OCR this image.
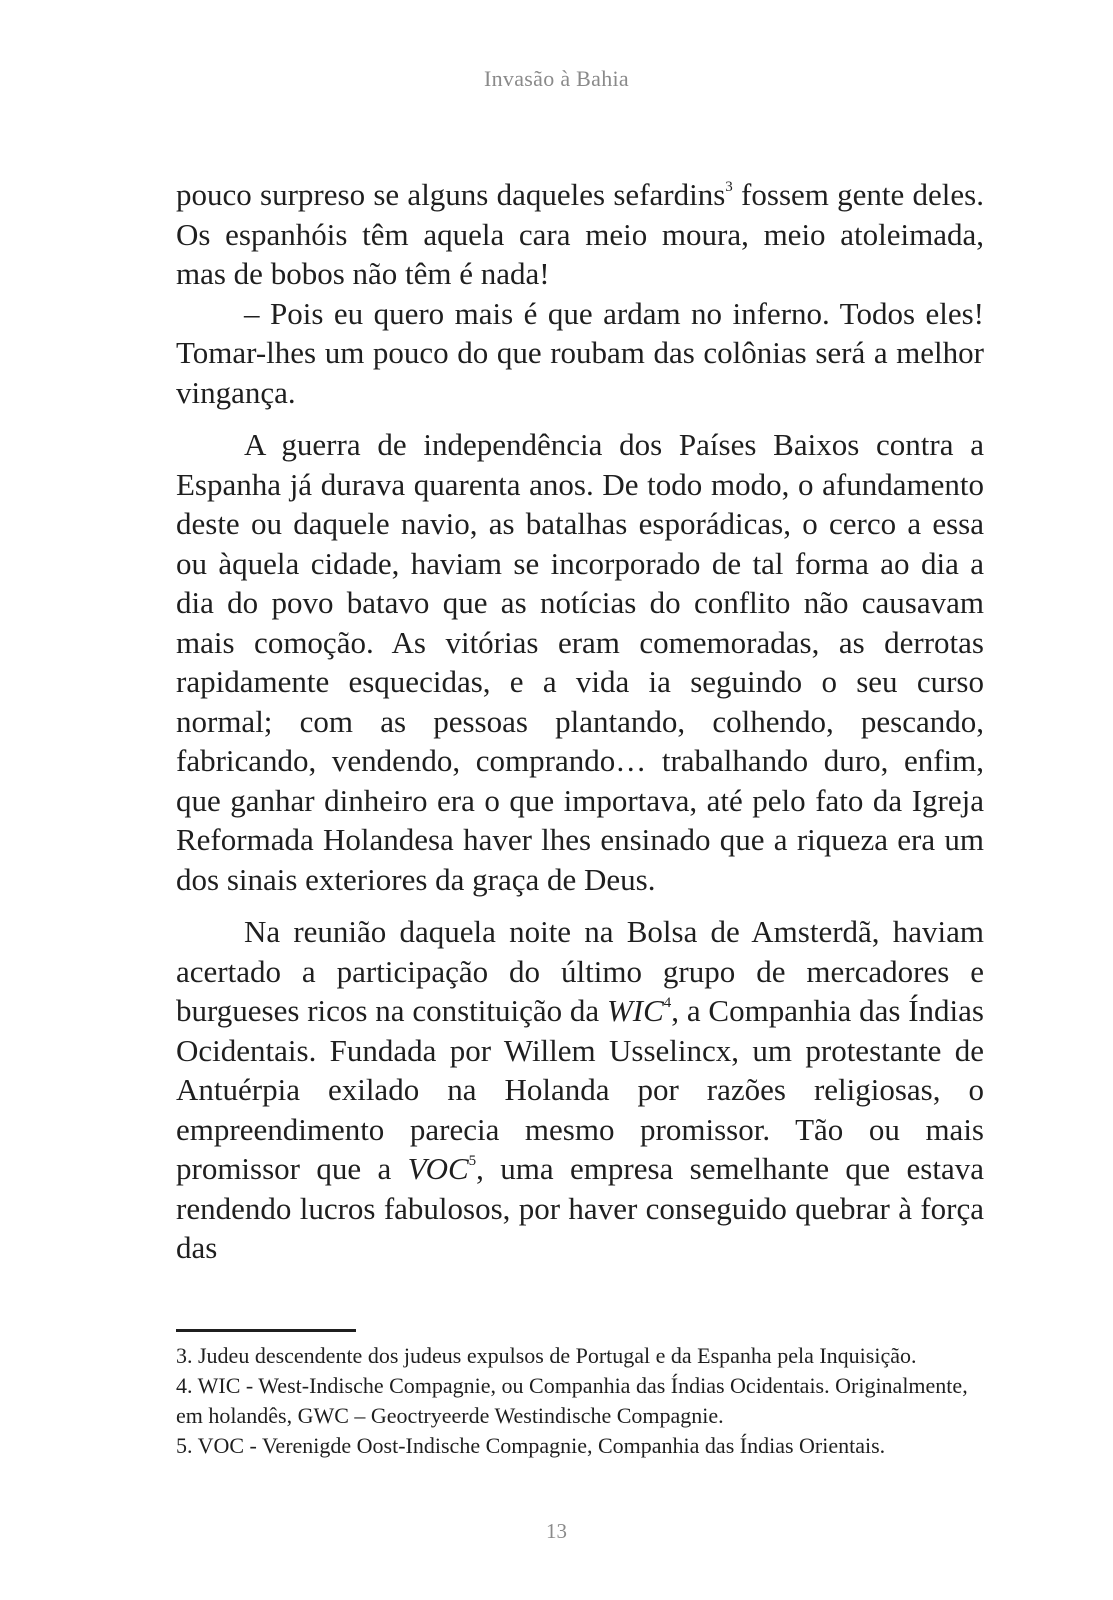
Invasão à Bahia

pouco surpreso se alguns daqueles sefardins$^3$ fossem gente deles. Os espanhóis têm aquela cara meio moura, meio atoleimada, mas de bobos não têm é nada!

– Pois eu quero mais é que ardam no inferno. Todos eles! Tomar-lhes um pouco do que roubam das colônias será a melhor vingança.

A guerra de independência dos Países Baixos contra a Espanha já durava quarenta anos. De todo modo, o afundamento deste ou daquele navio, as batalhas esporádicas, o cerco a essa ou àquela cidade, haviam se incorporado de tal forma ao dia a dia do povo batavo que as notícias do conflito não causavam mais comoção. As vitórias eram comemoradas, as derrotas rapidamente esquecidas, e a vida ia seguindo o seu curso normal; com as pessoas plantando, colhendo, pescando, fabricando, vendendo, comprando… trabalhando duro, enfim, que ganhar dinheiro era o que importava, até pelo fato da Igreja Reformada Holandesa haver lhes ensinado que a riqueza era um dos sinais exteriores da graça de Deus.

Na reunião daquela noite na Bolsa de Amsterdã, haviam acertado a participação do último grupo de mercadores e burgueses ricos na constituição da WIC$^4$, a Companhia das Índias Ocidentais. Fundada por Willem Usselincx, um protestante de Antuérpia exilado na Holanda por razões religiosas, o empreendimento parecia mesmo promissor. Tão ou mais promissor que a VOC$^5$, uma empresa semelhante que estava rendendo lucros fabulosos, por haver conseguido quebrar à força das

3. Judeu descendente dos judeus expulsos de Portugal e da Espanha pela Inquisição.

4. WIC - West-Indische Compagnie, ou Companhia das Índias Ocidentais. Originalmente, em holandês, GWC – Geoctryeerde Westindische Compagnie.

5. VOC - Verenigde Oost-Indische Compagnie, Companhia das Índias Orientais.

13
